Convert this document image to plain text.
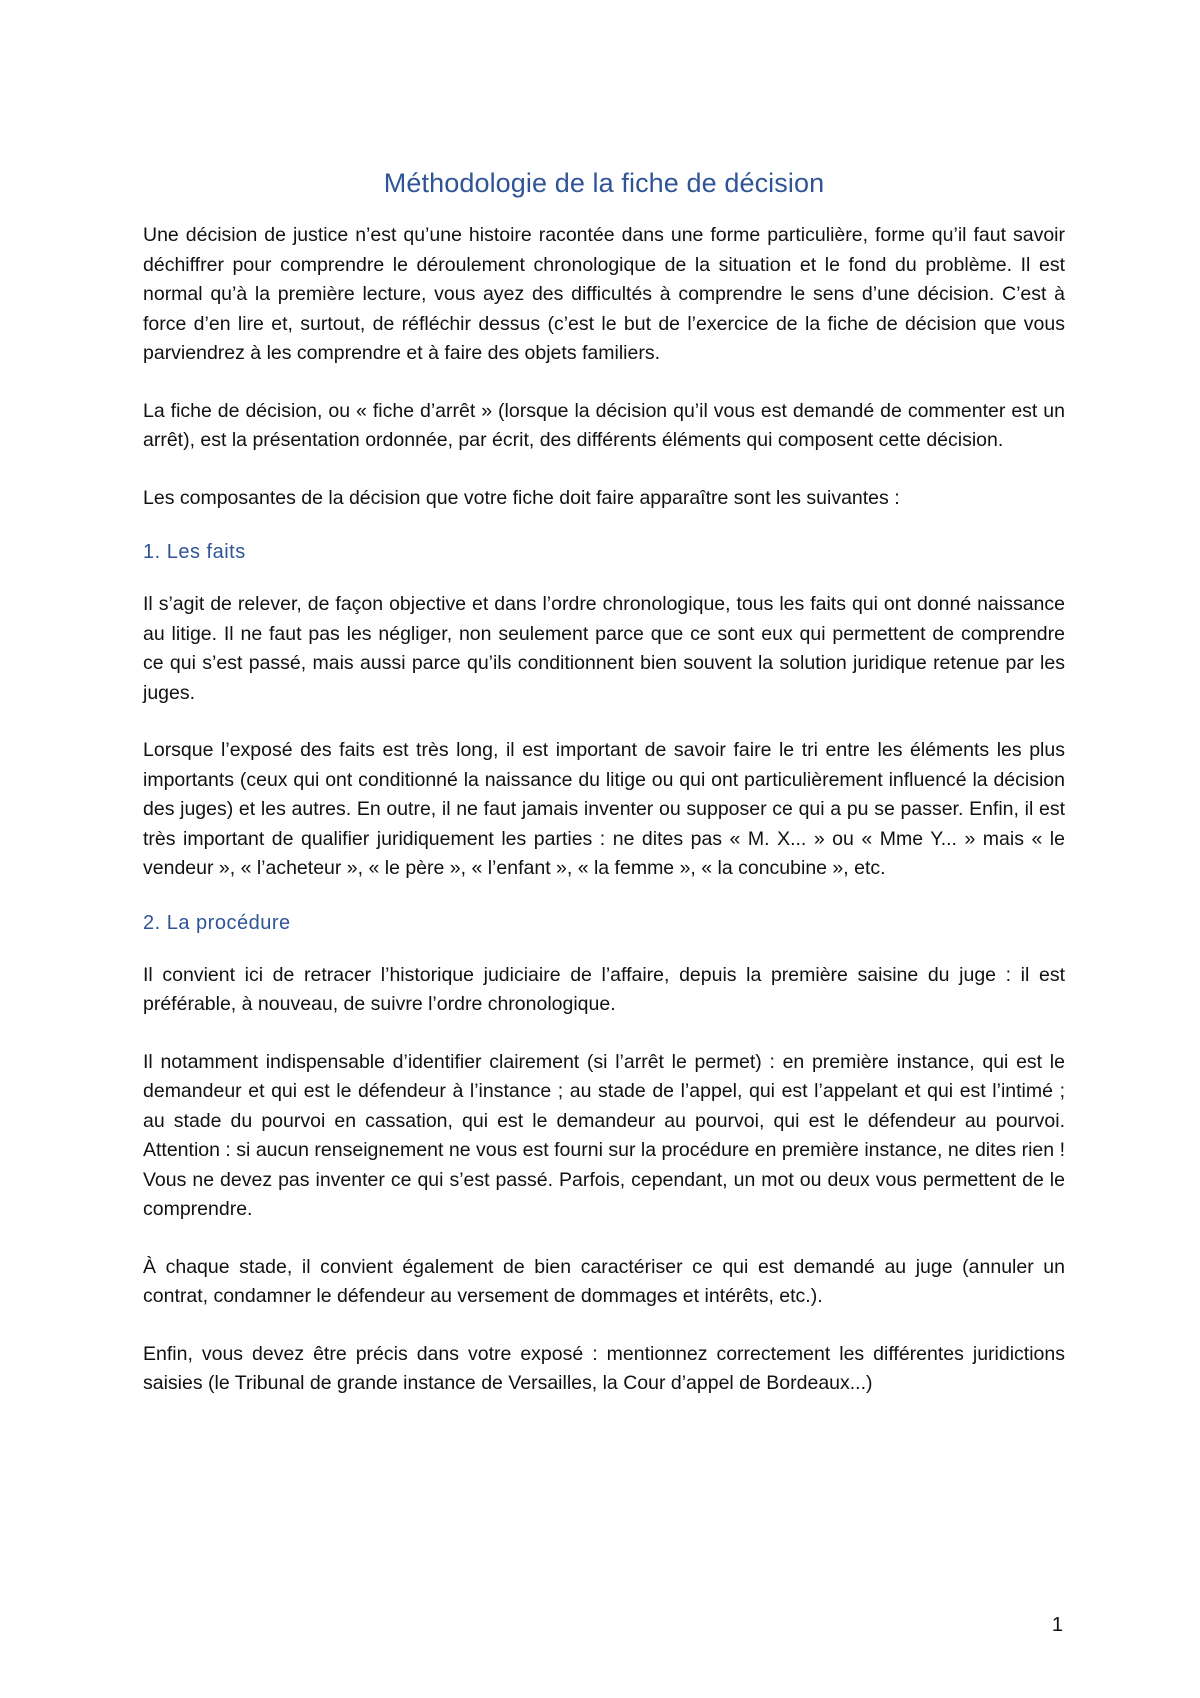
Méthodologie de la fiche de décision

Une décision de justice n’est qu’une histoire racontée dans une forme particulière, forme qu’il faut savoir déchiffrer pour comprendre le déroulement chronologique de la situation et le fond du problème. Il est normal qu’à la première lecture, vous ayez des difficultés à comprendre le sens d’une décision. C’est à force d’en lire et, surtout, de réfléchir dessus (c’est le but de l’exercice de la fiche de décision que vous parviendrez à les comprendre et à faire des objets familiers.

La fiche de décision, ou « fiche d’arrêt » (lorsque la décision qu’il vous est demandé de commenter est un arrêt), est la présentation ordonnée, par écrit, des différents éléments qui composent cette décision.

Les composantes de la décision que votre fiche doit faire apparaître sont les suivantes :

1. Les faits

Il s’agit de relever, de façon objective et dans l’ordre chronologique, tous les faits qui ont donné naissance au litige. Il ne faut pas les négliger, non seulement parce que ce sont eux qui permettent de comprendre ce qui s’est passé, mais aussi parce qu’ils conditionnent bien souvent la solution juridique retenue par les juges.

Lorsque l’exposé des faits est très long, il est important de savoir faire le tri entre les éléments les plus importants (ceux qui ont conditionné la naissance du litige ou qui ont particulièrement influencé la décision des juges) et les autres. En outre, il ne faut jamais inventer ou supposer ce qui a pu se passer. Enfin, il est très important de qualifier juridiquement les parties : ne dites pas « M. X... » ou « Mme Y... » mais « le vendeur », « l’acheteur », « le père », « l’enfant », « la femme », « la concubine », etc.

2. La procédure

Il convient ici de retracer l’historique judiciaire de l’affaire, depuis la première saisine du juge : il est préférable, à nouveau, de suivre l’ordre chronologique.

Il notamment indispensable d’identifier clairement (si l’arrêt le permet) : en première instance, qui est le demandeur et qui est le défendeur à l’instance ; au stade de l’appel, qui est l’appelant et qui est l’intimé ; au stade du pourvoi en cassation, qui est le demandeur au pourvoi, qui est le défendeur au pourvoi. Attention : si aucun renseignement ne vous est fourni sur la procédure en première instance, ne dites rien ! Vous ne devez pas inventer ce qui s’est passé. Parfois, cependant, un mot ou deux vous permettent de le comprendre.

À chaque stade, il convient également de bien caractériser ce qui est demandé au juge (annuler un contrat, condamner le défendeur au versement de dommages et intérêts, etc.).

Enfin, vous devez être précis dans votre exposé : mentionnez correctement les différentes juridictions saisies (le Tribunal de grande instance de Versailles, la Cour d’appel de Bordeaux...)

1
